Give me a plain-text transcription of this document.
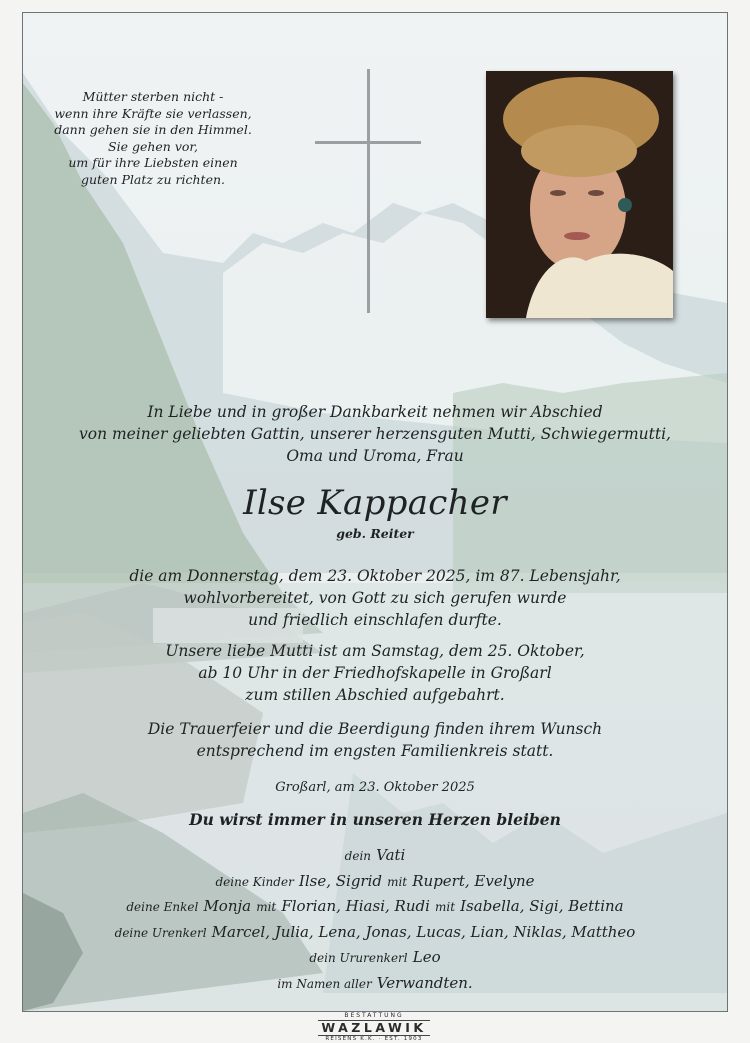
Mütter sterben nicht -
wenn ihre Kräfte sie verlassen,
dann gehen sie in den Himmel.
Sie gehen vor,
um für ihre Liebsten einen
guten Platz zu richten.
In Liebe und in großer Dankbarkeit nehmen wir Abschied
von meiner geliebten Gattin, unserer herzensguten Mutti, Schwiegermutti,
Oma und Uroma, Frau
Ilse Kappacher
geb. Reiter
die am Donnerstag, dem 23. Oktober 2025, im 87. Lebensjahr,
wohlvorbereitet, von Gott zu sich gerufen wurde
und friedlich einschlafen durfte.
Unsere liebe Mutti ist am Samstag, dem 25. Oktober,
ab 10 Uhr in der Friedhofskapelle in Großarl
zum stillen Abschied aufgebahrt.
Die Trauerfeier und die Beerdigung finden ihrem Wunsch
entsprechend im engsten Familienkreis statt.
Großarl, am 23. Oktober 2025
Du wirst immer in unseren Herzen bleiben
dein Vati
deine Kinder Ilse, Sigrid mit Rupert, Evelyne
deine Enkel Monja mit Florian, Hiasi, Rudi mit Isabella, Sigi, Bettina
deine Urenkerl Marcel, Julia, Lena, Jonas, Lucas, Lian, Niklas, Mattheo
dein Ururenkerl Leo
im Namen aller Verwandten.
BESTATTUNG
WAZLAWIK
REISENS K.K. · EST. 1903
